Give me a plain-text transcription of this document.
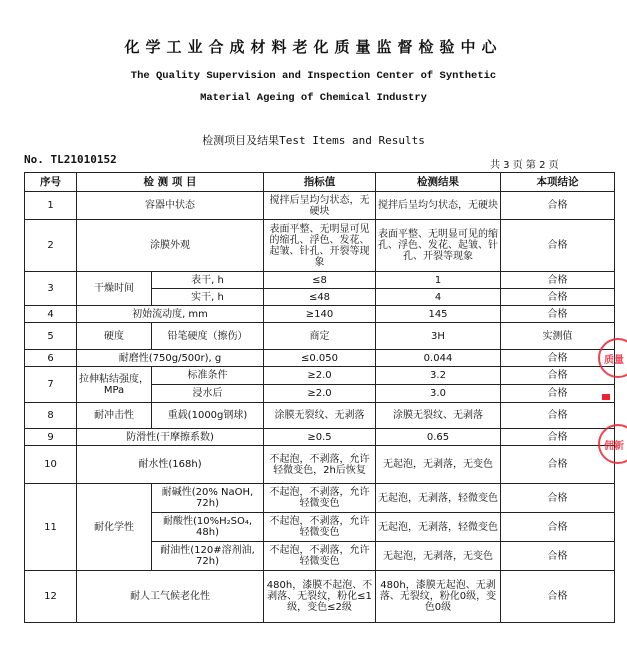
化学工业合成材料老化质量监督检验中心
The Quality Supervision and Inspection Center of Synthetic
Material Ageing of Chemical Industry
检测项目及结果Test Items and Results
No. TL21010152	共 3 页 第 2 页
序号	检 测 项 目		指标值	检测结果	本项结论
1	容器中状态		搅拌后呈均匀状态，无硬块	搅拌后呈均匀状态，无硬块	合格
2	涂膜外观		表面平整、无明显可见的缩孔、浮色、发花、起皱、针孔、开裂等现象	表面平整、无明显可见的缩孔、浮色、发花、起皱、针孔、开裂等现象	合格
3	干燥时间	表干, h	≤8	1	合格
		实干, h	≤48	4	合格
4	初始流动度, mm		≥140	145	合格
5	硬度	铅笔硬度（擦伤）	商定	3H	实测值
6	耐磨性(750g/500r), g		≤0.050	0.044	合格
7	拉伸粘结强度，MPa	标准条件	≥2.0	3.2	合格
		浸水后	≥2.0	3.0	合格
8	耐冲击性	重载(1000g钢球)	涂膜无裂纹、无剥落	涂膜无裂纹、无剥落	合格
9	防滑性(干摩擦系数)		≥0.5	0.65	合格
10	耐水性(168h)		不起泡，不剥落，允许轻微变色，2h后恢复	无起泡，无剥落，无变色	合格
11	耐化学性	耐碱性(20% NaOH, 72h)	不起泡，不剥落，允许轻微变色	无起泡，无剥落，轻微变色	合格
		耐酸性(10%H₂SO₄, 48h)	不起泡，不剥落，允许轻微变色	无起泡，无剥落，轻微变色	合格
		耐油性(120#溶剂油, 72h)	不起泡，不剥落，允许轻微变色	无起泡，无剥落，无变色	合格
12	耐人工气候老化性		480h，漆膜不起泡、不剥落、无裂纹，粉化≤1级，变色≤2级	480h，漆膜无起泡、无剥落、无裂纹，粉化0级，变色0级	合格
质量
佣新
